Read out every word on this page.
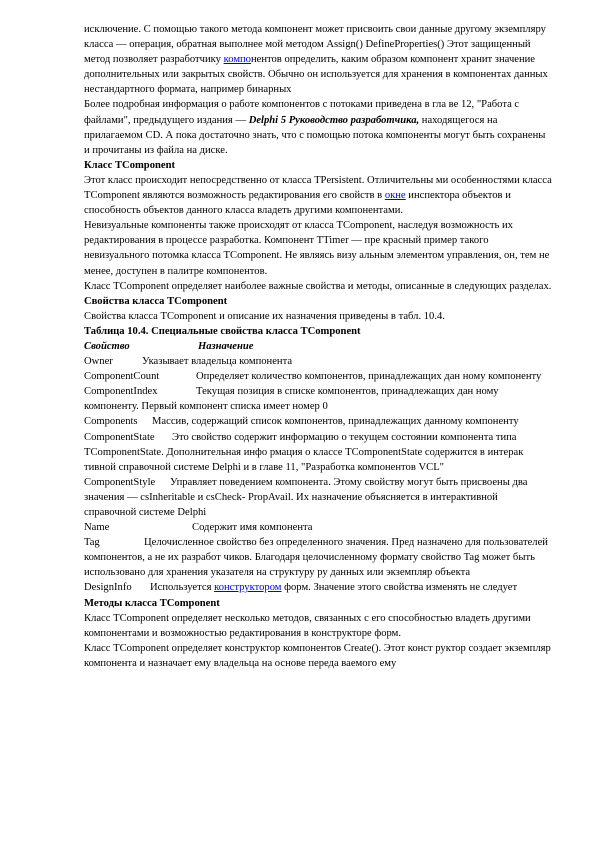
исключение. С помощью такого метода компонент может присвоить свои данные другому экземпляру класса — операция, обратная выполнее мой методом Assign() DefineProperties() Этот защищенный метод позволяет разработчику компонентов определить, каким образом компонент хранит значение дополнительных или закрытых свойств. Обычно он используется для хранения в компонентах данных нестандартного формата, например бинарных

Более подробная информация о работе компонентов с потоками приведена в гла ве 12, "Работа с файлами", предыдущего издания — Delphi 5 Руководство разработчика, находящегося на прилагаемом CD. А пока достаточно знать, что с помощью потока компоненты могут быть сохранены и прочитаны из файла на диске.

Класс TComponent

Этот класс происходит непосредственно от класса TPersistent. Отличительны ми особенностями класса TComponent являются возможность редактирования его свойств в окне инспектора объектов и способность объектов данного класса владеть другими компонентами.

Невизуальные компоненты также происходят от класса TComponent, наследуя возможность их редактирования в процессе разработка. Компонент TTimer — пре красный пример такого невизуального потомка класса TComponent. Не являясь визу альным элементом управления, он, тем не менее, доступен в палитре компонентов.

Класс TComponent определяет наиболее важные свойства и методы, описанные в следующих разделах.

Свойства класса TComponent

Свойства класса TComponent и описание их назначения приведены в табл. 10.4.

Таблица 10.4. Специальные свойства класса TComponent

Свойство	Назначение

Owner	Указывает владельца компонента

ComponentCount	Определяет количество компонентов, принадлежащих дан ному компоненту

ComponentIndex	Текущая позиция в списке компонентов, принадлежащих дан ному компоненту. Первый компонент списка имеет номер 0

Components Массив, содержащий список компонентов, принадлежащих данному компоненту

ComponentState Это свойство содержит информацию о текущем состоянии компонента типа TComponentState. Дополнительная инфо рмация о классе TComponentState содержится в интерак тивной справочной системе Delphi и в главе 11, "Разработка компонентов VCL"

ComponentStyle Управляет поведением компонента. Этому свойству могут быть присвоены два значения — csInheritable и csCheck- PropAvail. Их назначение объясняется в интерактивной справочной системе Delphi

Name	Содержит имя компонента

Tag	Целочисленное свойство без определенного значения. Пред назначено для пользователей компонентов, а не их разработ чиков. Благодаря целочисленному формату свойство Tag может быть использовано для хранения указателя на структуру ру данных или экземпляр объекта

DesignInfo Используется конструктором форм. Значение этого свойства изменять не следует

Методы класса TComponent

Класс TComponent определяет несколько методов, связанных с его способностью владеть другими компонентами и возможностью редактирования в конструкторе форм.

Класс TComponent определяет конструктор компонентов Create(). Этот конст руктор создает экземпляр компонента и назначает ему владельца на основе переда ваемого ему
